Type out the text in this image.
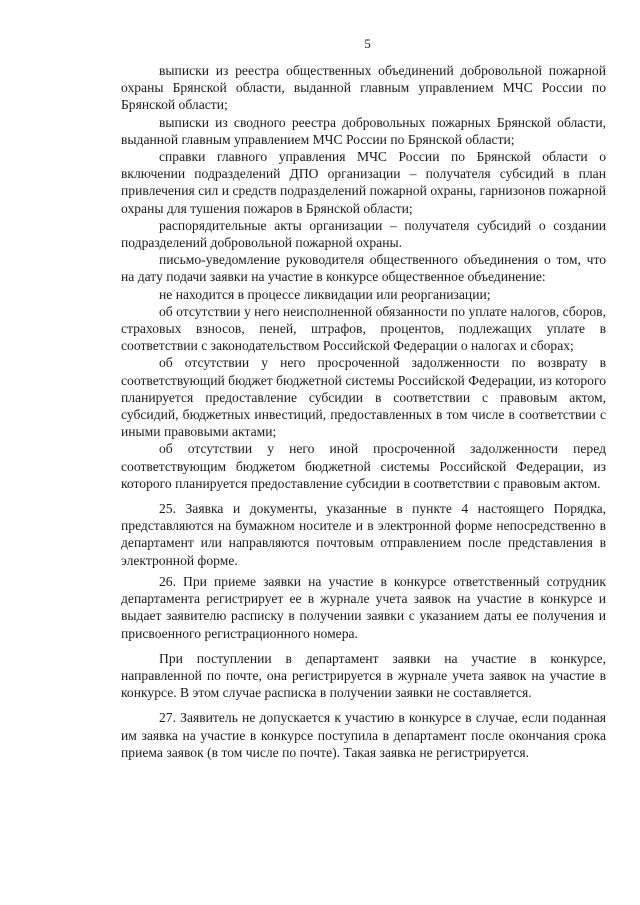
5

выписки из реестра общественных объединений добровольной пожарной охраны Брянской области, выданной главным управлением МЧС России по Брянской области;

выписки из сводного реестра добровольных пожарных Брянской области, выданной главным управлением МЧС России по Брянской области;

справки главного управления МЧС России по Брянской области о включении подразделений ДПО организации – получателя субсидий в план привлечения сил и средств подразделений пожарной охраны, гарнизонов пожарной охраны для тушения пожаров в Брянской области;

распорядительные акты организации – получателя субсидий о создании подразделений добровольной пожарной охраны.

письмо-уведомление руководителя общественного объединения о том, что на дату подачи заявки на участие в конкурсе общественное объединение:

не находится в процессе ликвидации или реорганизации;

об отсутствии у него неисполненной обязанности по уплате налогов, сборов, страховых взносов, пеней, штрафов, процентов, подлежащих уплате в соответствии с законодательством Российской Федерации о налогах и сборах;

об отсутствии у него просроченной задолженности по возврату в соответствующий бюджет бюджетной системы Российской Федерации, из которого планируется предоставление субсидии в соответствии с правовым актом, субсидий, бюджетных инвестиций, предоставленных в том числе в соответствии с иными правовыми актами;

об отсутствии у него иной просроченной задолженности перед соответствующим бюджетом бюджетной системы Российской Федерации, из которого планируется предоставление субсидии в соответствии с правовым актом.

25. Заявка и документы, указанные в пункте 4 настоящего Порядка, представляются на бумажном носителе и в электронной форме непосредственно в департамент или направляются почтовым отправлением после представления в электронной форме.

26. При приеме заявки на участие в конкурсе ответственный сотрудник департамента регистрирует ее в журнале учета заявок на участие в конкурсе и выдает заявителю расписку в получении заявки с указанием даты ее получения и присвоенного регистрационного номера.

При поступлении в департамент заявки на участие в конкурсе, направленной по почте, она регистрируется в журнале учета заявок на участие в конкурсе. В этом случае расписка в получении заявки не составляется.

27. Заявитель не допускается к участию в конкурсе в случае, если поданная им заявка на участие в конкурсе поступила в департамент после окончания срока приема заявок (в том числе по почте). Такая заявка не регистрируется.
